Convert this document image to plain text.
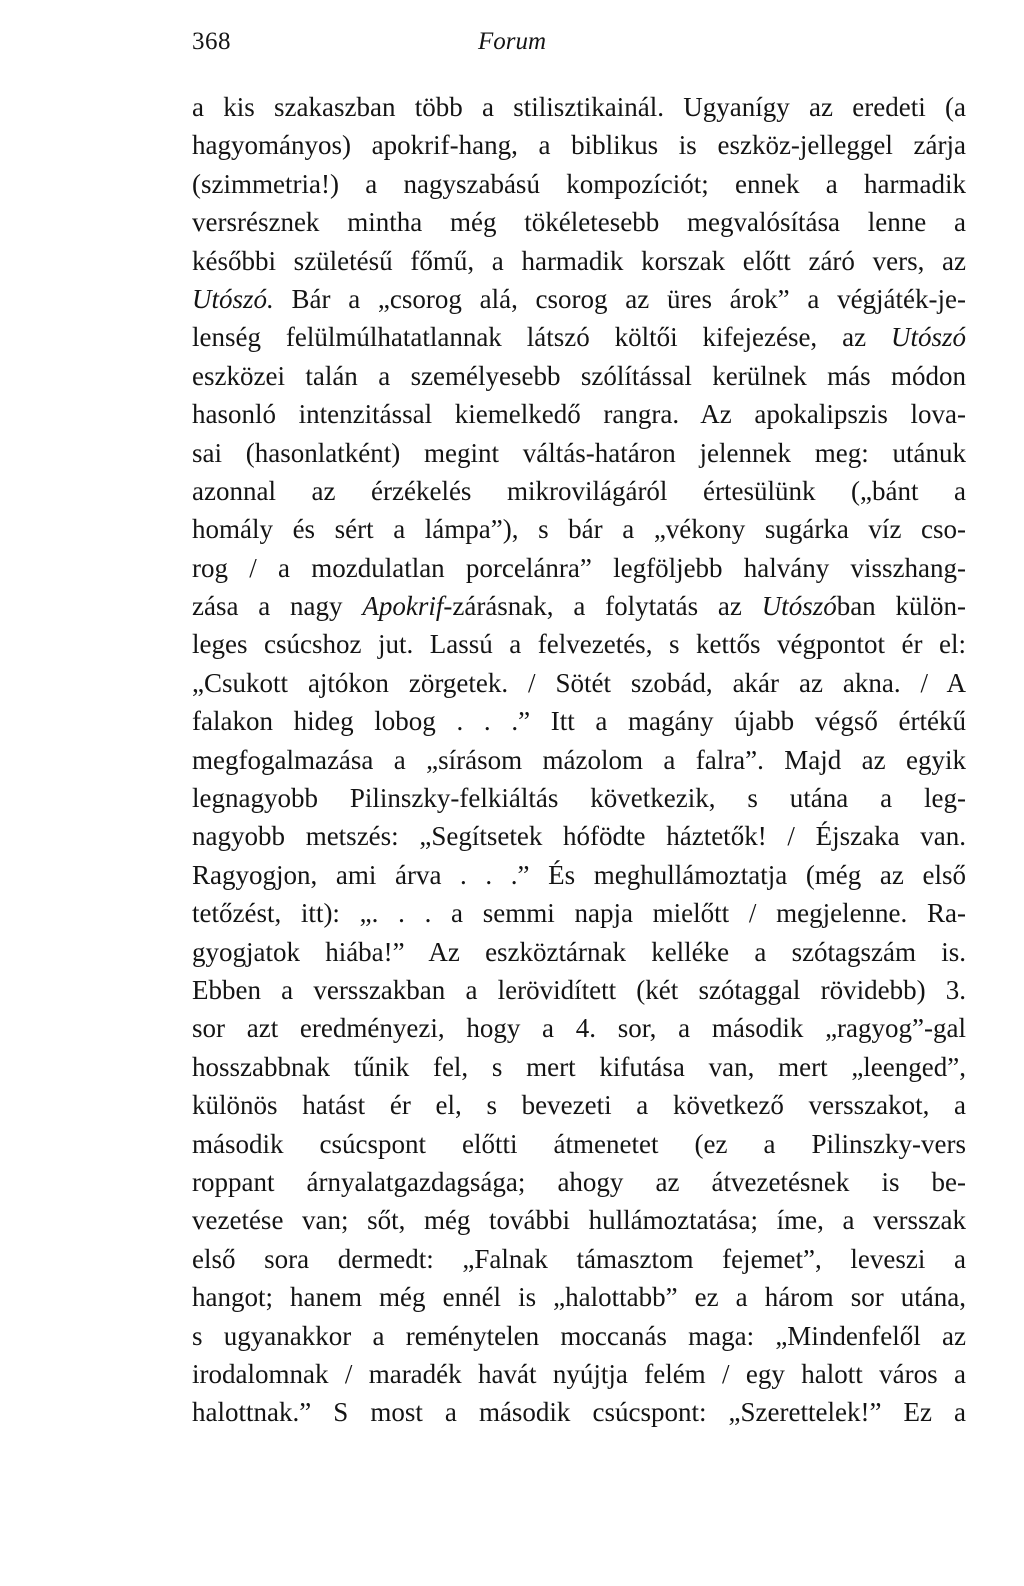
368	Forum
a kis szakaszban több a stilisztikainál. Ugyanígy az eredeti (a
hagyományos) apokrif-hang, a biblikus is eszköz-jelleggel zárja
(szimmetria!) a nagyszabású kompozíciót; ennek a harmadik
versrésznek mintha még tökéletesebb megvalósítása lenne a
későbbi születésű főmű, a harmadik korszak előtt záró vers, az
Utószó. Bár a „csorog alá, csorog az üres árok” a végjáték-je-
lenség felülmúlhatatlannak látszó költői kifejezése, az Utószó
eszközei talán a személyesebb szólítással kerülnek más módon
hasonló intenzitással kiemelkedő rangra. Az apokalipszis lova-
sai (hasonlatként) megint váltás-határon jelennek meg: utánuk
azonnal az érzékelés mikrovilágáról értesülünk („bánt a
homály és sért a lámpa”), s bár a „vékony sugárka víz cso-
rog / a mozdulatlan porcelánra” legföljebb halvány visszhang-
zása a nagy Apokrif-zárásnak, a folytatás az Utószóban külön-
leges csúcshoz jut. Lassú a felvezetés, s kettős végpontot ér el:
„Csukott ajtókon zörgetek. / Sötét szobád, akár az akna. / A
falakon hideg lobog . . .” Itt a magány újabb végső értékű
megfogalmazása a „sírásom mázolom a falra”. Majd az egyik
legnagyobb Pilinszky-felkiáltás következik, s utána a leg-
nagyobb metszés: „Segítsetek hófödte háztetők! / Éjszaka van.
Ragyogjon, ami árva . . .” És meghullámoztatja (még az első
tetőzést, itt): „. . . a semmi napja mielőtt / megjelenne. Ra-
gyogjatok hiába!” Az eszköztárnak kelléke a szótagszám is.
Ebben a versszakban a lerövidített (két szótaggal rövidebb) 3.
sor azt eredményezi, hogy a 4. sor, a második „ragyog”-gal
hosszabbnak tűnik fel, s mert kifutása van, mert „leenged”,
különös hatást ér el, s bevezeti a következő versszakot, a
második csúcspont előtti átmenetet (ez a Pilinszky-vers
roppant árnyalatgazdagsága; ahogy az átvezetésnek is be-
vezetése van; sőt, még további hullámoztatása; íme, a versszak
első sora dermedt: „Falnak támasztom fejemet”, leveszi a
hangot; hanem még ennél is „halottabb” ez a három sor utána,
s ugyanakkor a reménytelen moccanás maga: „Mindenfelől az
irodalomnak / maradék havát nyújtja felém / egy halott város a
halottnak.” S most a második csúcspont: „Szerettelek!” Ez a
